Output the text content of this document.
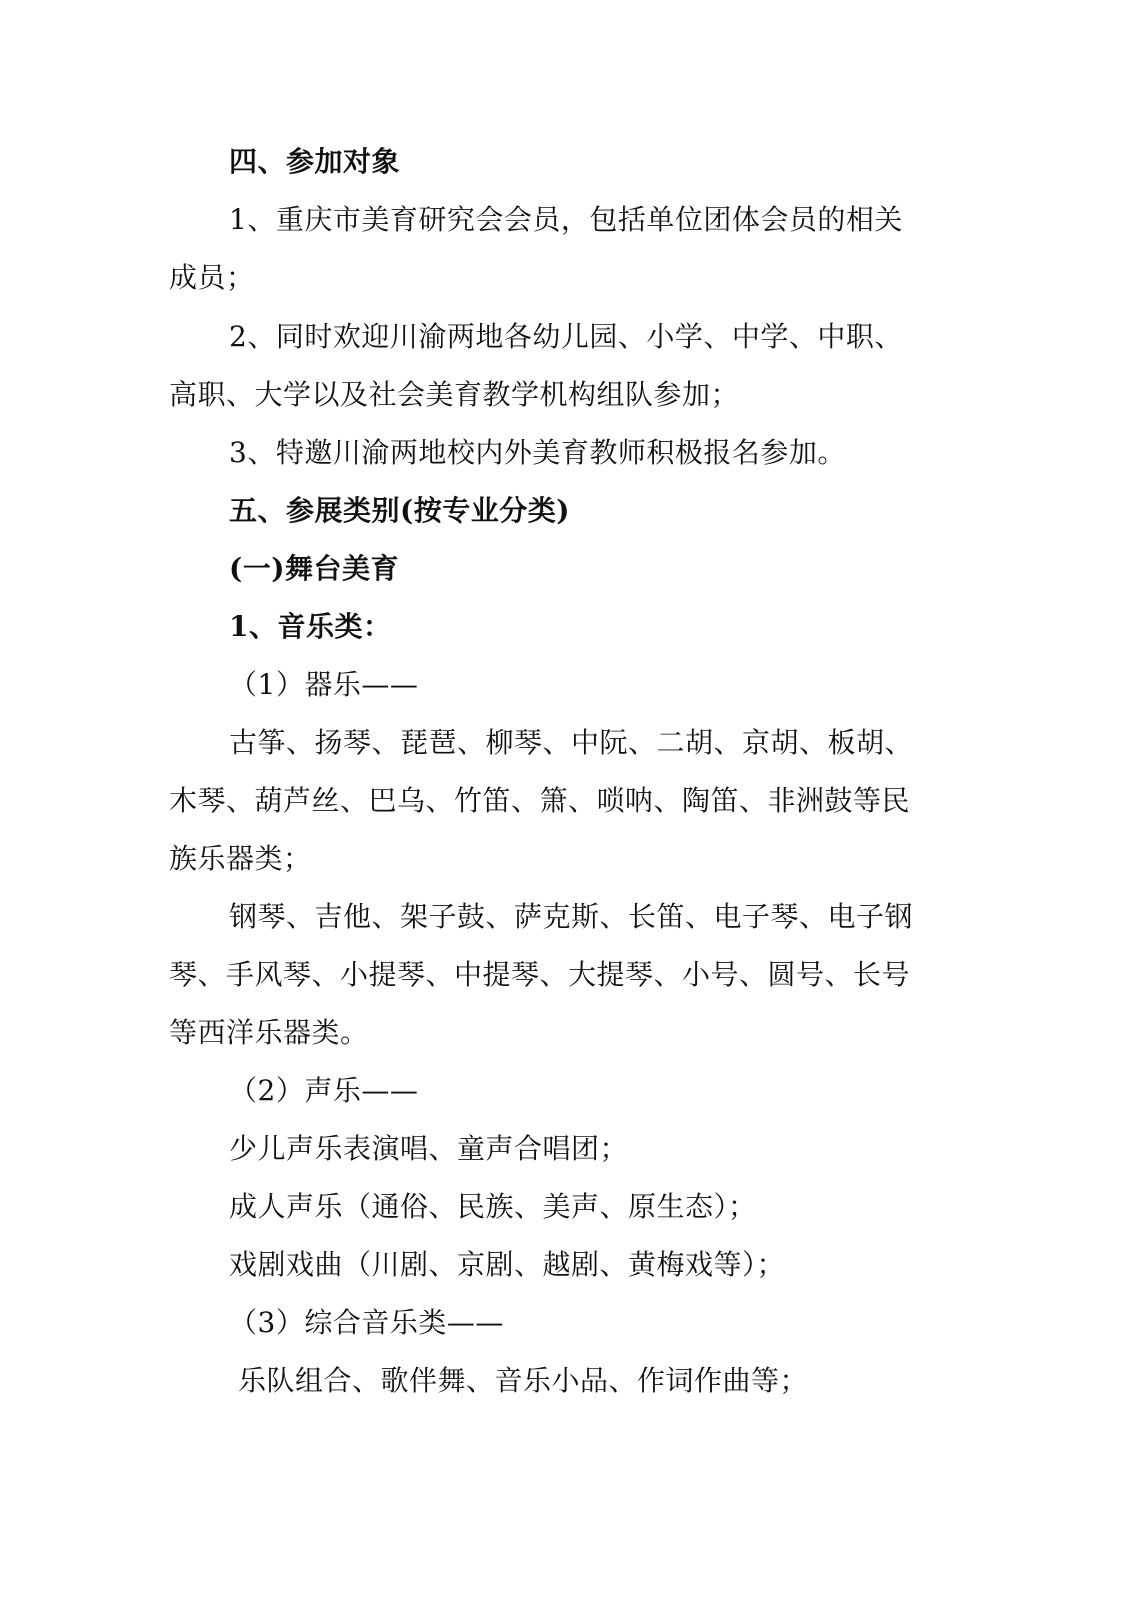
四、参加对象
1、重庆市美育研究会会员，包括单位团体会员的相关
成员；
2、同时欢迎川渝两地各幼儿园、小学、中学、中职、
高职、大学以及社会美育教学机构组队参加；
3、特邀川渝两地校内外美育教师积极报名参加。
五、参展类别(按专业分类)
(一)舞台美育
1、音乐类：
（1）器乐——
古筝、扬琴、琵琶、柳琴、中阮、二胡、京胡、板胡、
木琴、葫芦丝、巴乌、竹笛、箫、唢呐、陶笛、非洲鼓等民
族乐器类；
钢琴、吉他、架子鼓、萨克斯、长笛、电子琴、电子钢
琴、手风琴、小提琴、中提琴、大提琴、小号、圆号、长号
等西洋乐器类。
（2）声乐——
少儿声乐表演唱、童声合唱团；
成人声乐（通俗、民族、美声、原生态）；
戏剧戏曲（川剧、京剧、越剧、黄梅戏等）；
（3）综合音乐类——
乐队组合、歌伴舞、音乐小品、作词作曲等；
